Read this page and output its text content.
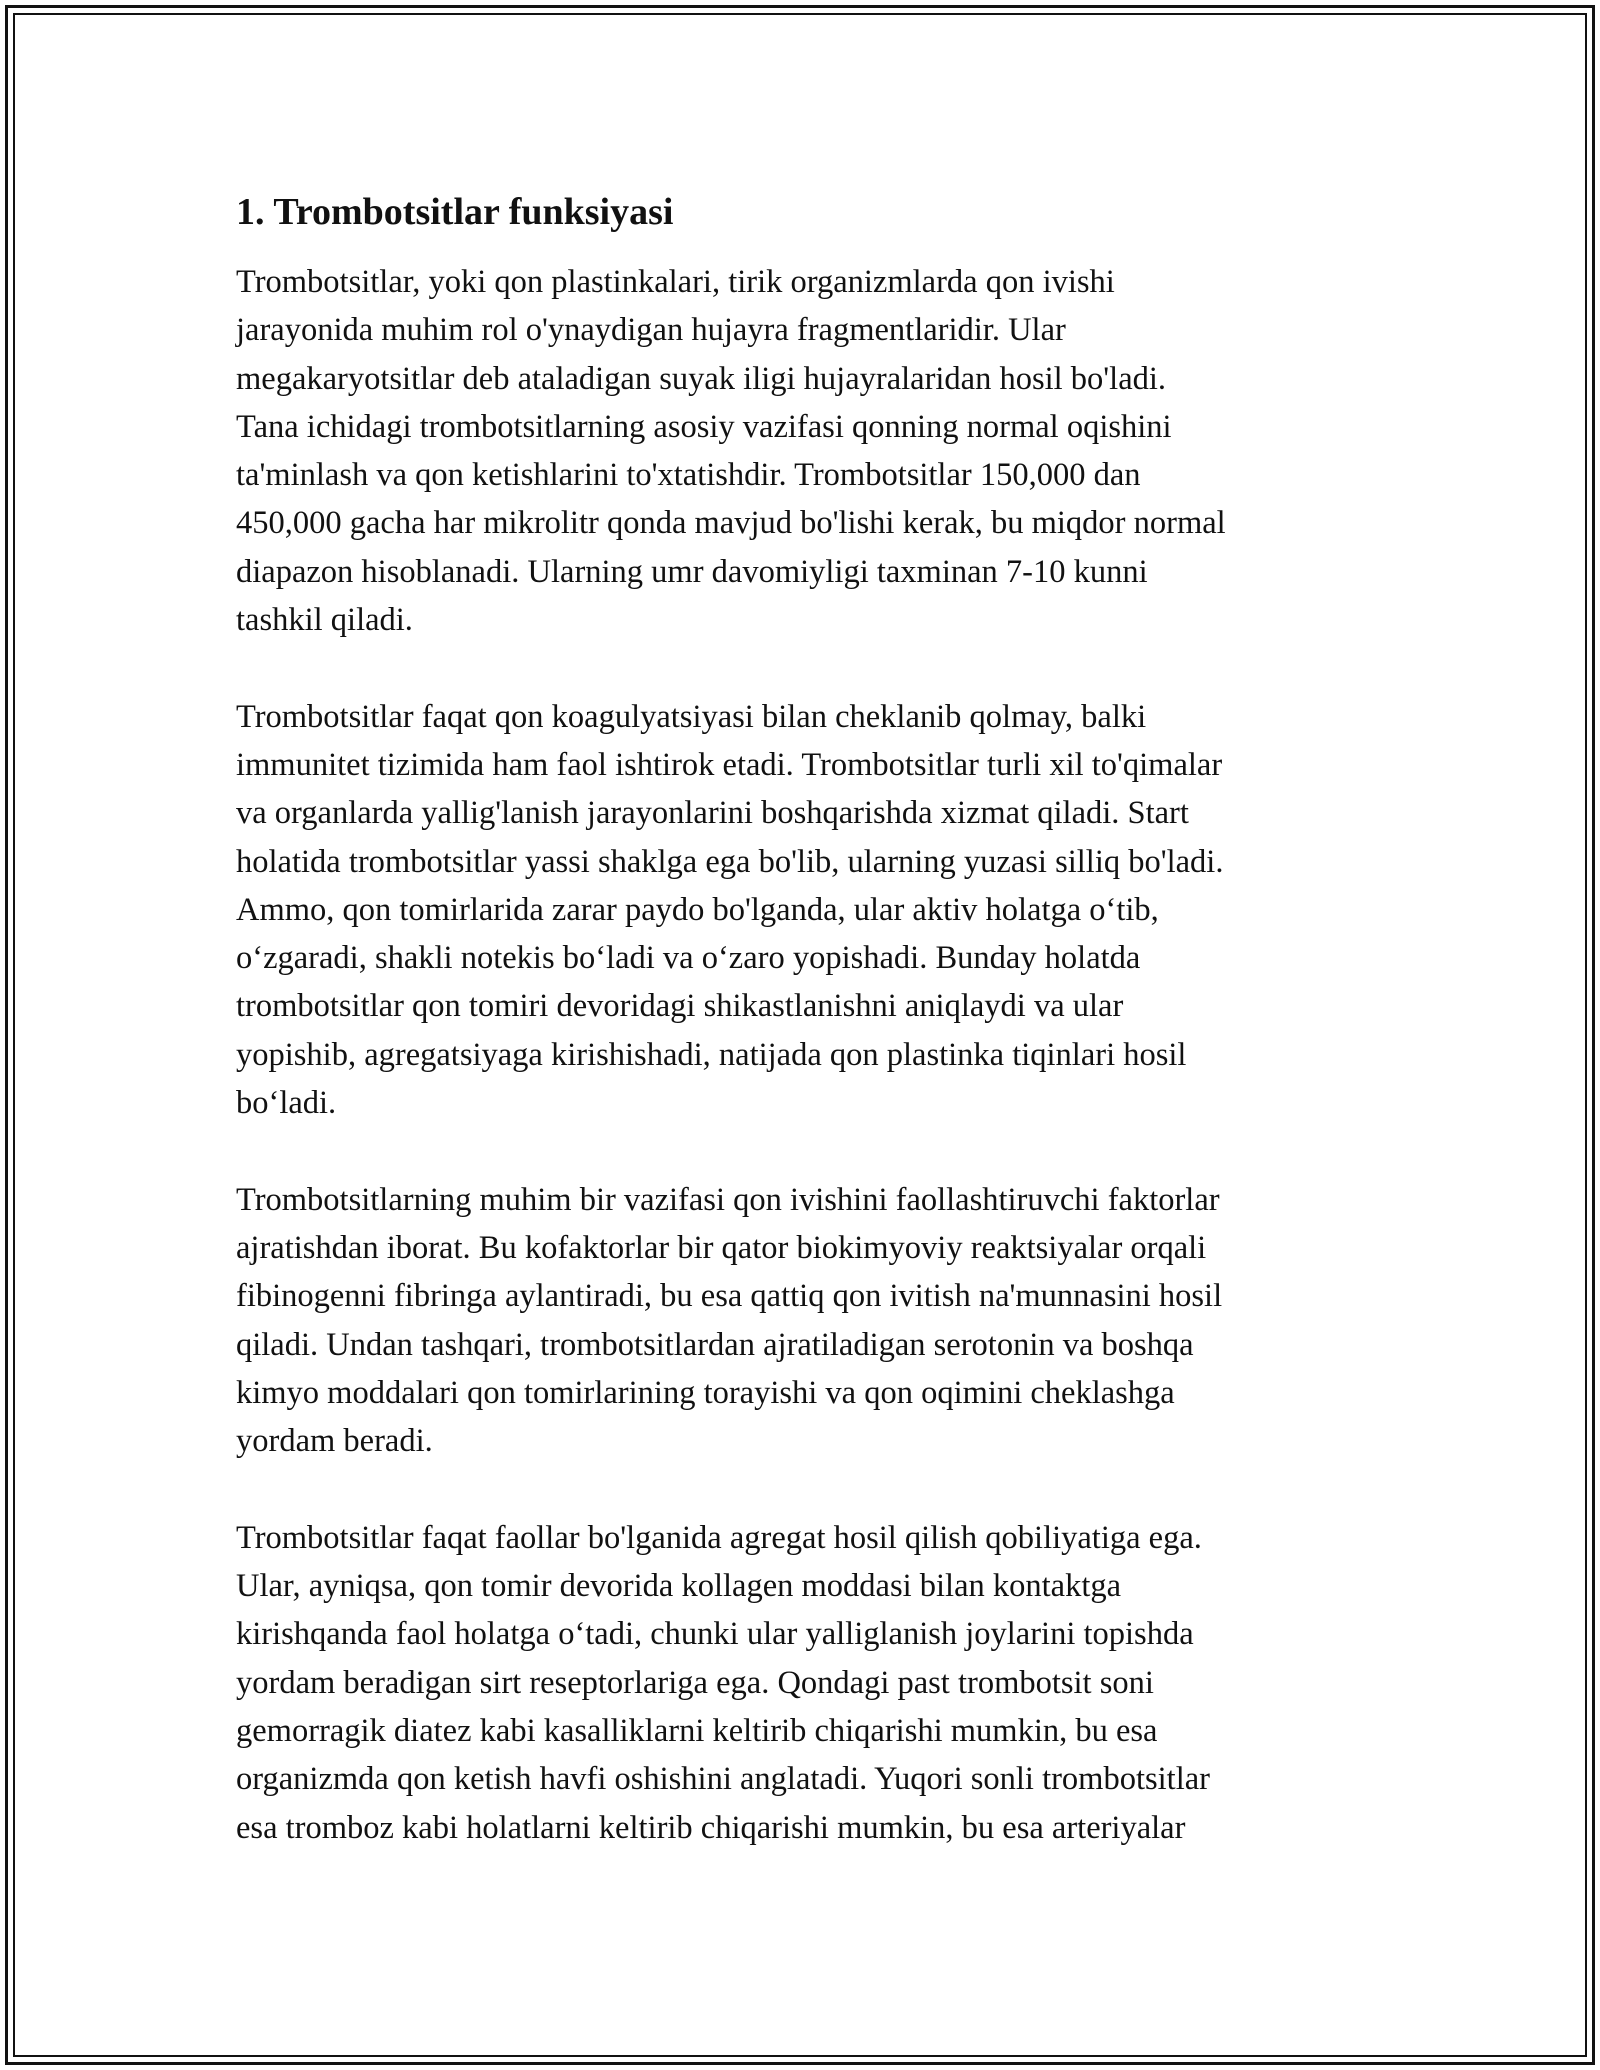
1. Trombotsitlar funksiyasi

Trombotsitlar, yoki qon plastinkalari, tirik organizmlarda qon ivishi
jarayonida muhim rol o'ynaydigan hujayra fragmentlaridir. Ular
megakaryotsitlar deb ataladigan suyak iligi hujayralaridan hosil bo'ladi.
Tana ichidagi trombotsitlarning asosiy vazifasi qonning normal oqishini
ta'minlash va qon ketishlarini to'xtatishdir. Trombotsitlar 150,000 dan
450,000 gacha har mikrolitr qonda mavjud bo'lishi kerak, bu miqdor normal
diapazon hisoblanadi. Ularning umr davomiyligi taxminan 7-10 kunni
tashkil qiladi.

Trombotsitlar faqat qon koagulyatsiyasi bilan cheklanib qolmay, balki
immunitet tizimida ham faol ishtirok etadi. Trombotsitlar turli xil to'qimalar
va organlarda yallig'lanish jarayonlarini boshqarishda xizmat qiladi. Start
holatida trombotsitlar yassi shaklga ega bo'lib, ularning yuzasi silliq bo'ladi.
Ammo, qon tomirlarida zarar paydo bo'lganda, ular aktiv holatga o‘tib,
o‘zgaradi, shakli notekis bo‘ladi va o‘zaro yopishadi. Bunday holatda
trombotsitlar qon tomiri devoridagi shikastlanishni aniqlaydi va ular
yopishib, agregatsiyaga kirishishadi, natijada qon plastinka tiqinlari hosil
bo‘ladi.

Trombotsitlarning muhim bir vazifasi qon ivishini faollashtiruvchi faktorlar
ajratishdan iborat. Bu kofaktorlar bir qator biokimyoviy reaktsiyalar orqali
fibinogenni fibringa aylantiradi, bu esa qattiq qon ivitish na'munnasini hosil
qiladi. Undan tashqari, trombotsitlardan ajratiladigan serotonin va boshqa
kimyo moddalari qon tomirlarining torayishi va qon oqimini cheklashga
yordam beradi.

Trombotsitlar faqat faollar bo'lganida agregat hosil qilish qobiliyatiga ega.
Ular, ayniqsa, qon tomir devorida kollagen moddasi bilan kontaktga
kirishqanda faol holatga o‘tadi, chunki ular yalliglanish joylarini topishda
yordam beradigan sirt reseptorlariga ega. Qondagi past trombotsit soni
gemorragik diatez kabi kasalliklarni keltirib chiqarishi mumkin, bu esa
organizmda qon ketish havfi oshishini anglatadi. Yuqori sonli trombotsitlar
esa tromboz kabi holatlarni keltirib chiqarishi mumkin, bu esa arteriyalar
